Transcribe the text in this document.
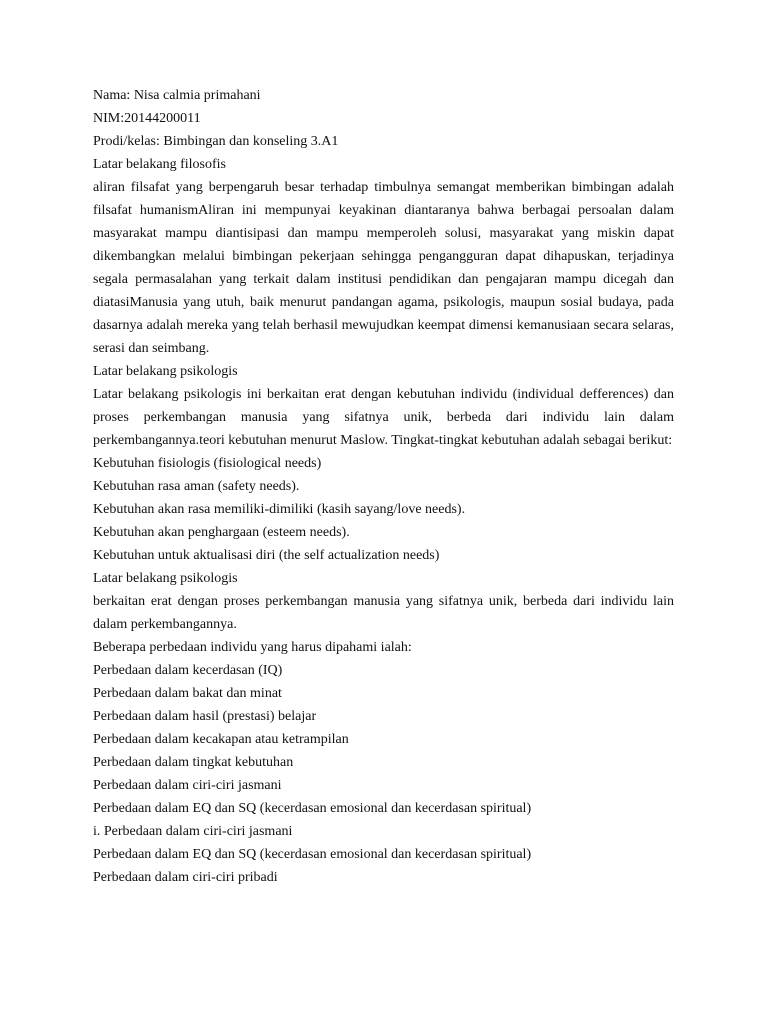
Nama: Nisa calmia primahani

NIM:20144200011

Prodi/kelas: Bimbingan dan konseling 3.A1

Latar belakang filosofis

aliran filsafat yang berpengaruh besar terhadap timbulnya semangat memberikan bimbingan adalah filsafat humanismAliran ini mempunyai keyakinan diantaranya bahwa berbagai persoalan dalam masyarakat mampu diantisipasi dan mampu memperoleh solusi, masyarakat yang miskin dapat dikembangkan melalui bimbingan pekerjaan sehingga pengangguran dapat dihapuskan, terjadinya segala permasalahan yang terkait dalam institusi pendidikan dan pengajaran mampu dicegah dan diatasiManusia yang utuh, baik menurut pandangan agama, psikologis, maupun sosial budaya, pada dasarnya adalah mereka yang telah berhasil mewujudkan keempat dimensi kemanusiaan secara selaras, serasi dan seimbang.

Latar belakang psikologis

Latar belakang psikologis ini berkaitan erat dengan kebutuhan individu (individual defferences) dan proses perkembangan manusia yang sifatnya unik, berbeda dari individu lain dalam perkembangannya.teori kebutuhan menurut Maslow. Tingkat-tingkat kebutuhan adalah sebagai berikut:

Kebutuhan fisiologis (fisiological needs)

Kebutuhan rasa aman (safety needs).

Kebutuhan akan rasa memiliki-dimiliki (kasih sayang/love needs).

Kebutuhan akan penghargaan (esteem needs).

Kebutuhan untuk aktualisasi diri (the self actualization needs)

Latar belakang psikologis

berkaitan erat dengan proses perkembangan manusia yang sifatnya unik, berbeda dari individu lain dalam perkembangannya.

Beberapa perbedaan individu yang harus dipahami ialah:

Perbedaan dalam kecerdasan (IQ)

Perbedaan dalam bakat dan minat

Perbedaan dalam hasil (prestasi) belajar

Perbedaan dalam kecakapan atau ketrampilan

Perbedaan dalam tingkat kebutuhan

Perbedaan dalam ciri-ciri jasmani

Perbedaan dalam EQ dan SQ (kecerdasan emosional dan kecerdasan spiritual)

i. Perbedaan dalam ciri-ciri jasmani

Perbedaan dalam EQ dan SQ (kecerdasan emosional dan kecerdasan spiritual)

Perbedaan dalam ciri-ciri pribadi
